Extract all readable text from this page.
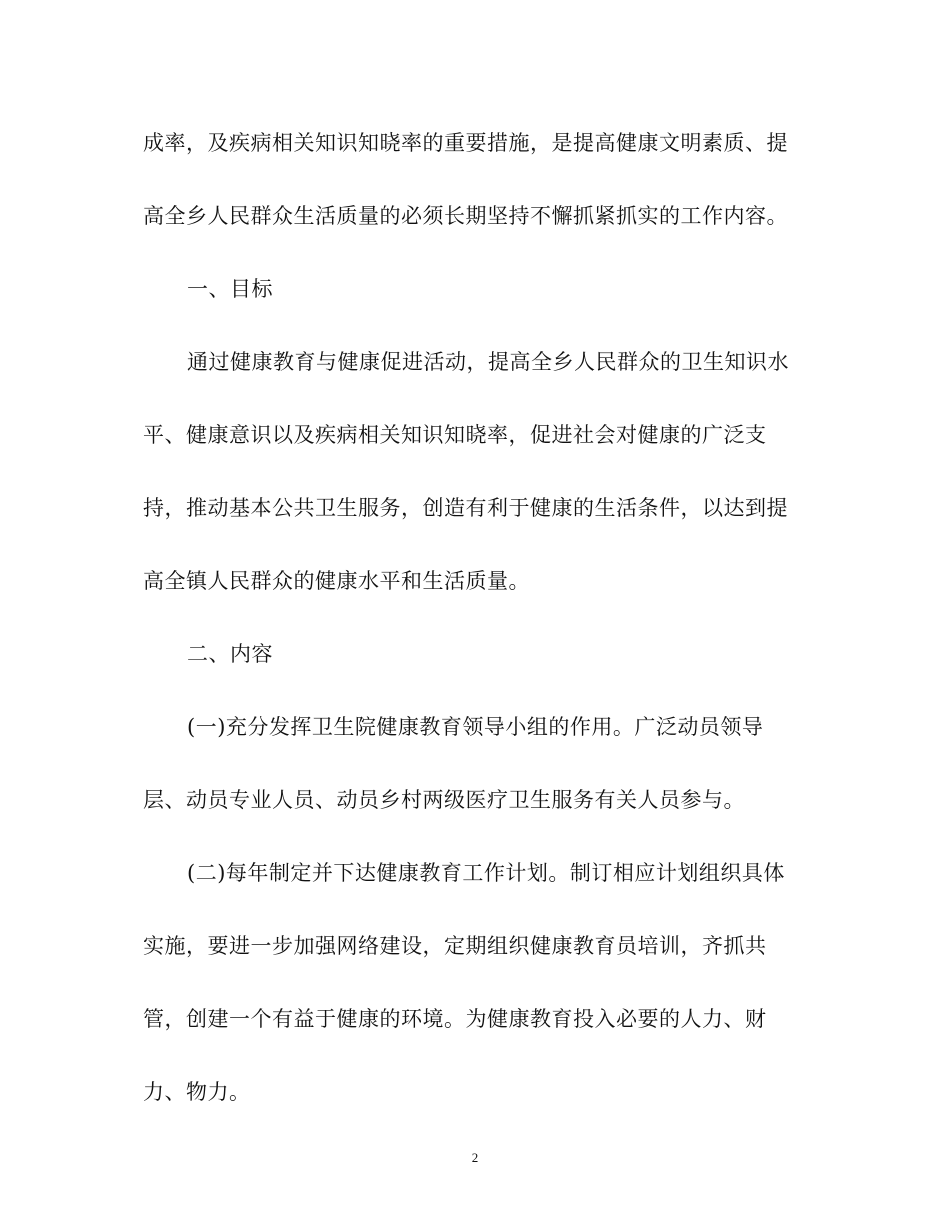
成率，及疾病相关知识知晓率的重要措施，是提高健康文明素质、提
高全乡人民群众生活质量的必须长期坚持不懈抓紧抓实的工作内容。
一、目标
通过健康教育与健康促进活动，提高全乡人民群众的卫生知识水
平、健康意识以及疾病相关知识知晓率，促进社会对健康的广泛支
持，推动基本公共卫生服务，创造有利于健康的生活条件，以达到提
高全镇人民群众的健康水平和生活质量。
二、内容
(一)充分发挥卫生院健康教育领导小组的作用。广泛动员领导
层、动员专业人员、动员乡村两级医疗卫生服务有关人员参与。
(二)每年制定并下达健康教育工作计划。制订相应计划组织具体
实施，要进一步加强网络建设，定期组织健康教育员培训，齐抓共
管，创建一个有益于健康的环境。为健康教育投入必要的人力、财
力、物力。
2
